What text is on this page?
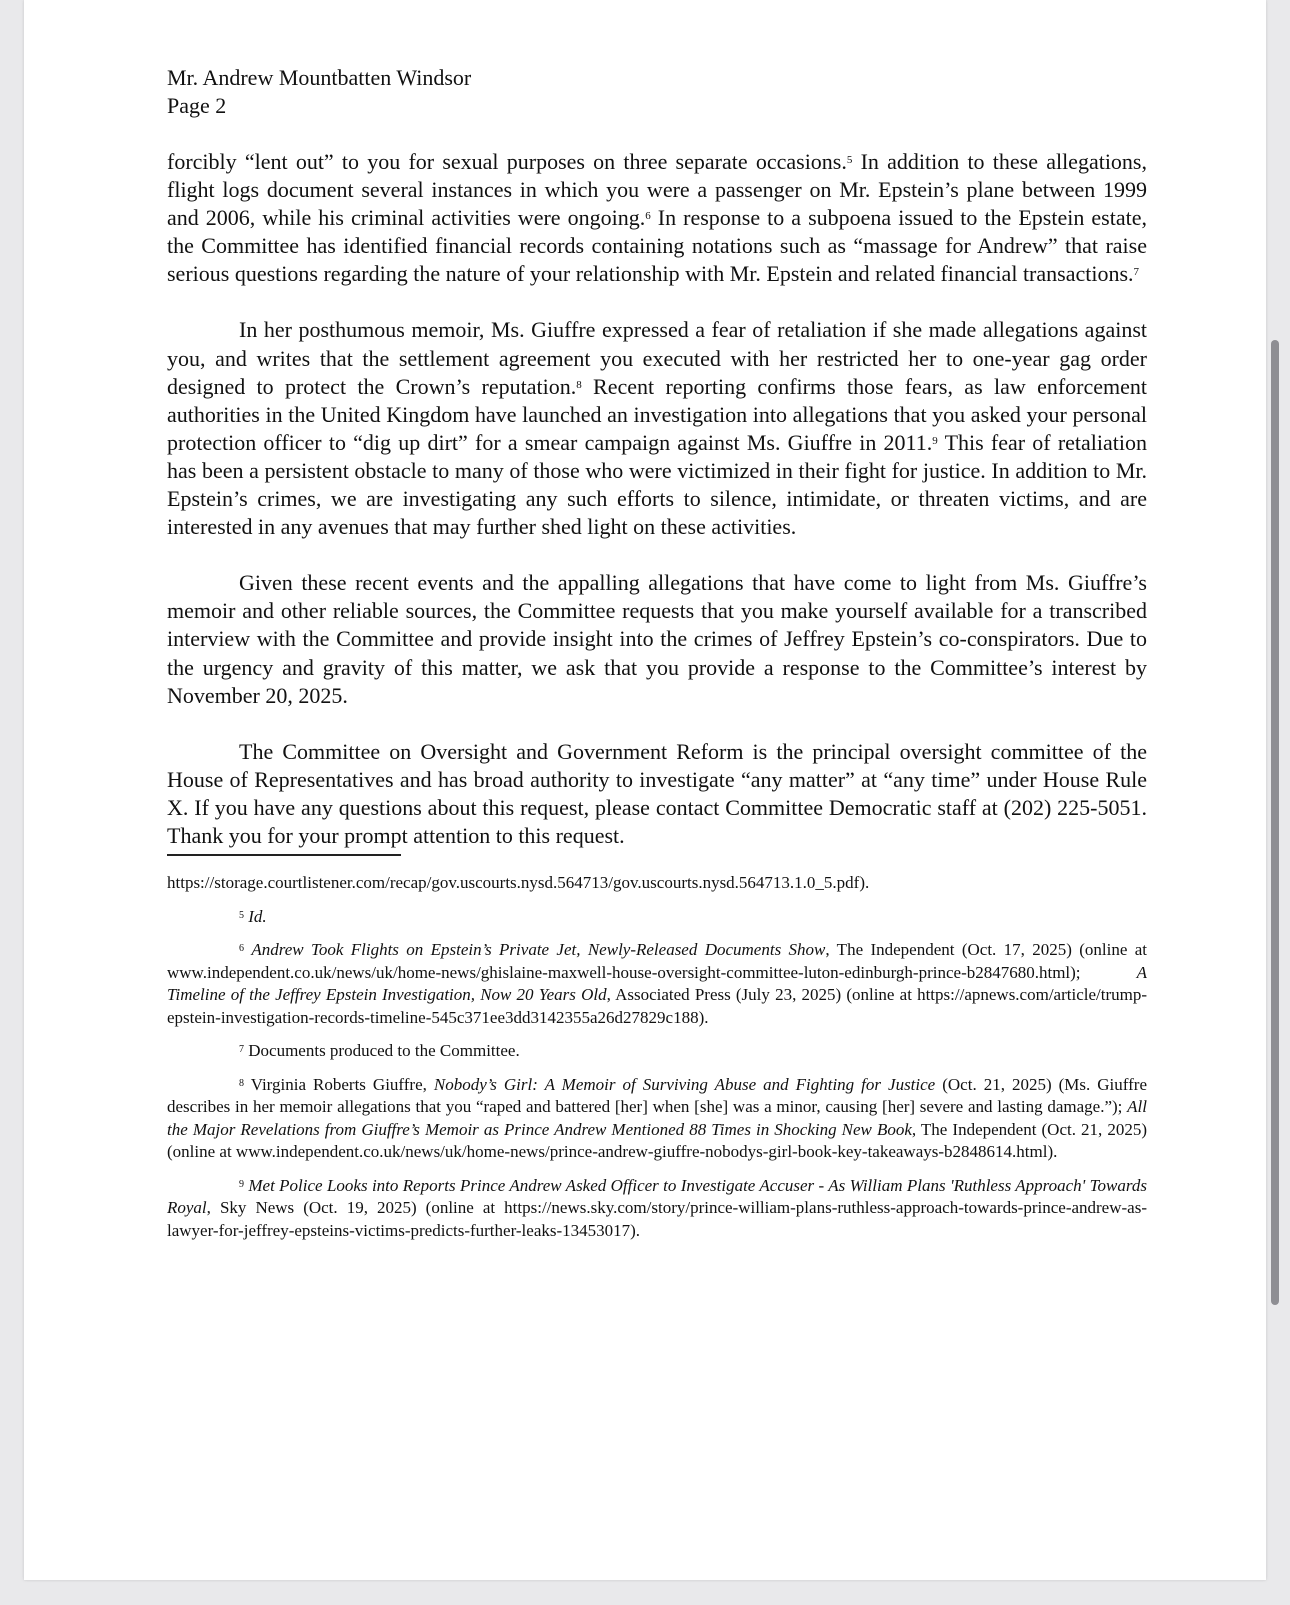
Mr. Andrew Mountbatten Windsor
Page 2

forcibly “lent out” to you for sexual purposes on three separate occasions.$^5$ In addition to these allegations, flight logs document several instances in which you were a passenger on Mr. Epstein’s plane between 1999 and 2006, while his criminal activities were ongoing.$^6$ In response to a subpoena issued to the Epstein estate, the Committee has identified financial records containing notations such as “massage for Andrew” that raise serious questions regarding the nature of your relationship with Mr. Epstein and related financial transactions.$^7$

In her posthumous memoir, Ms. Giuffre expressed a fear of retaliation if she made allegations against you, and writes that the settlement agreement you executed with her restricted her to one-year gag order designed to protect the Crown’s reputation.$^8$ Recent reporting confirms those fears, as law enforcement authorities in the United Kingdom have launched an investigation into allegations that you asked your personal protection officer to “dig up dirt” for a smear campaign against Ms. Giuffre in 2011.$^9$ This fear of retaliation has been a persistent obstacle to many of those who were victimized in their fight for justice. In addition to Mr. Epstein’s crimes, we are investigating any such efforts to silence, intimidate, or threaten victims, and are interested in any avenues that may further shed light on these activities.

Given these recent events and the appalling allegations that have come to light from Ms. Giuffre’s memoir and other reliable sources, the Committee requests that you make yourself available for a transcribed interview with the Committee and provide insight into the crimes of Jeffrey Epstein’s co-conspirators. Due to the urgency and gravity of this matter, we ask that you provide a response to the Committee’s interest by November 20, 2025.

The Committee on Oversight and Government Reform is the principal oversight committee of the House of Representatives and has broad authority to investigate “any matter” at “any time” under House Rule X. If you have any questions about this request, please contact Committee Democratic staff at (202) 225-5051. Thank you for your prompt attention to this request.

https://storage.courtlistener.com/recap/gov.uscourts.nysd.564713/gov.uscourts.nysd.564713.1.0_5.pdf).

$^5$ Id.

$^6$ Andrew Took Flights on Epstein’s Private Jet, Newly-Released Documents Show, The Independent (Oct. 17, 2025) (online at www.independent.co.uk/news/uk/home-news/ghislaine-maxwell-house-oversight-committee-luton-edinburgh-prince-b2847680.html); A Timeline of the Jeffrey Epstein Investigation, Now 20 Years Old, Associated Press (July 23, 2025) (online at https://apnews.com/article/trump-epstein-investigation-records-timeline-545c371ee3dd3142355a26d27829c188).

$^7$ Documents produced to the Committee.

$^8$ Virginia Roberts Giuffre, Nobody’s Girl: A Memoir of Surviving Abuse and Fighting for Justice (Oct. 21, 2025) (Ms. Giuffre describes in her memoir allegations that you “raped and battered [her] when [she] was a minor, causing [her] severe and lasting damage.”); All the Major Revelations from Giuffre’s Memoir as Prince Andrew Mentioned 88 Times in Shocking New Book, The Independent (Oct. 21, 2025) (online at www.independent.co.uk/news/uk/home-news/prince-andrew-giuffre-nobodys-girl-book-key-takeaways-b2848614.html).

$^9$ Met Police Looks into Reports Prince Andrew Asked Officer to Investigate Accuser - As William Plans 'Ruthless Approach' Towards Royal, Sky News (Oct. 19, 2025) (online at https://news.sky.com/story/prince-william-plans-ruthless-approach-towards-prince-andrew-as-lawyer-for-jeffrey-epsteins-victims-predicts-further-leaks-13453017).
